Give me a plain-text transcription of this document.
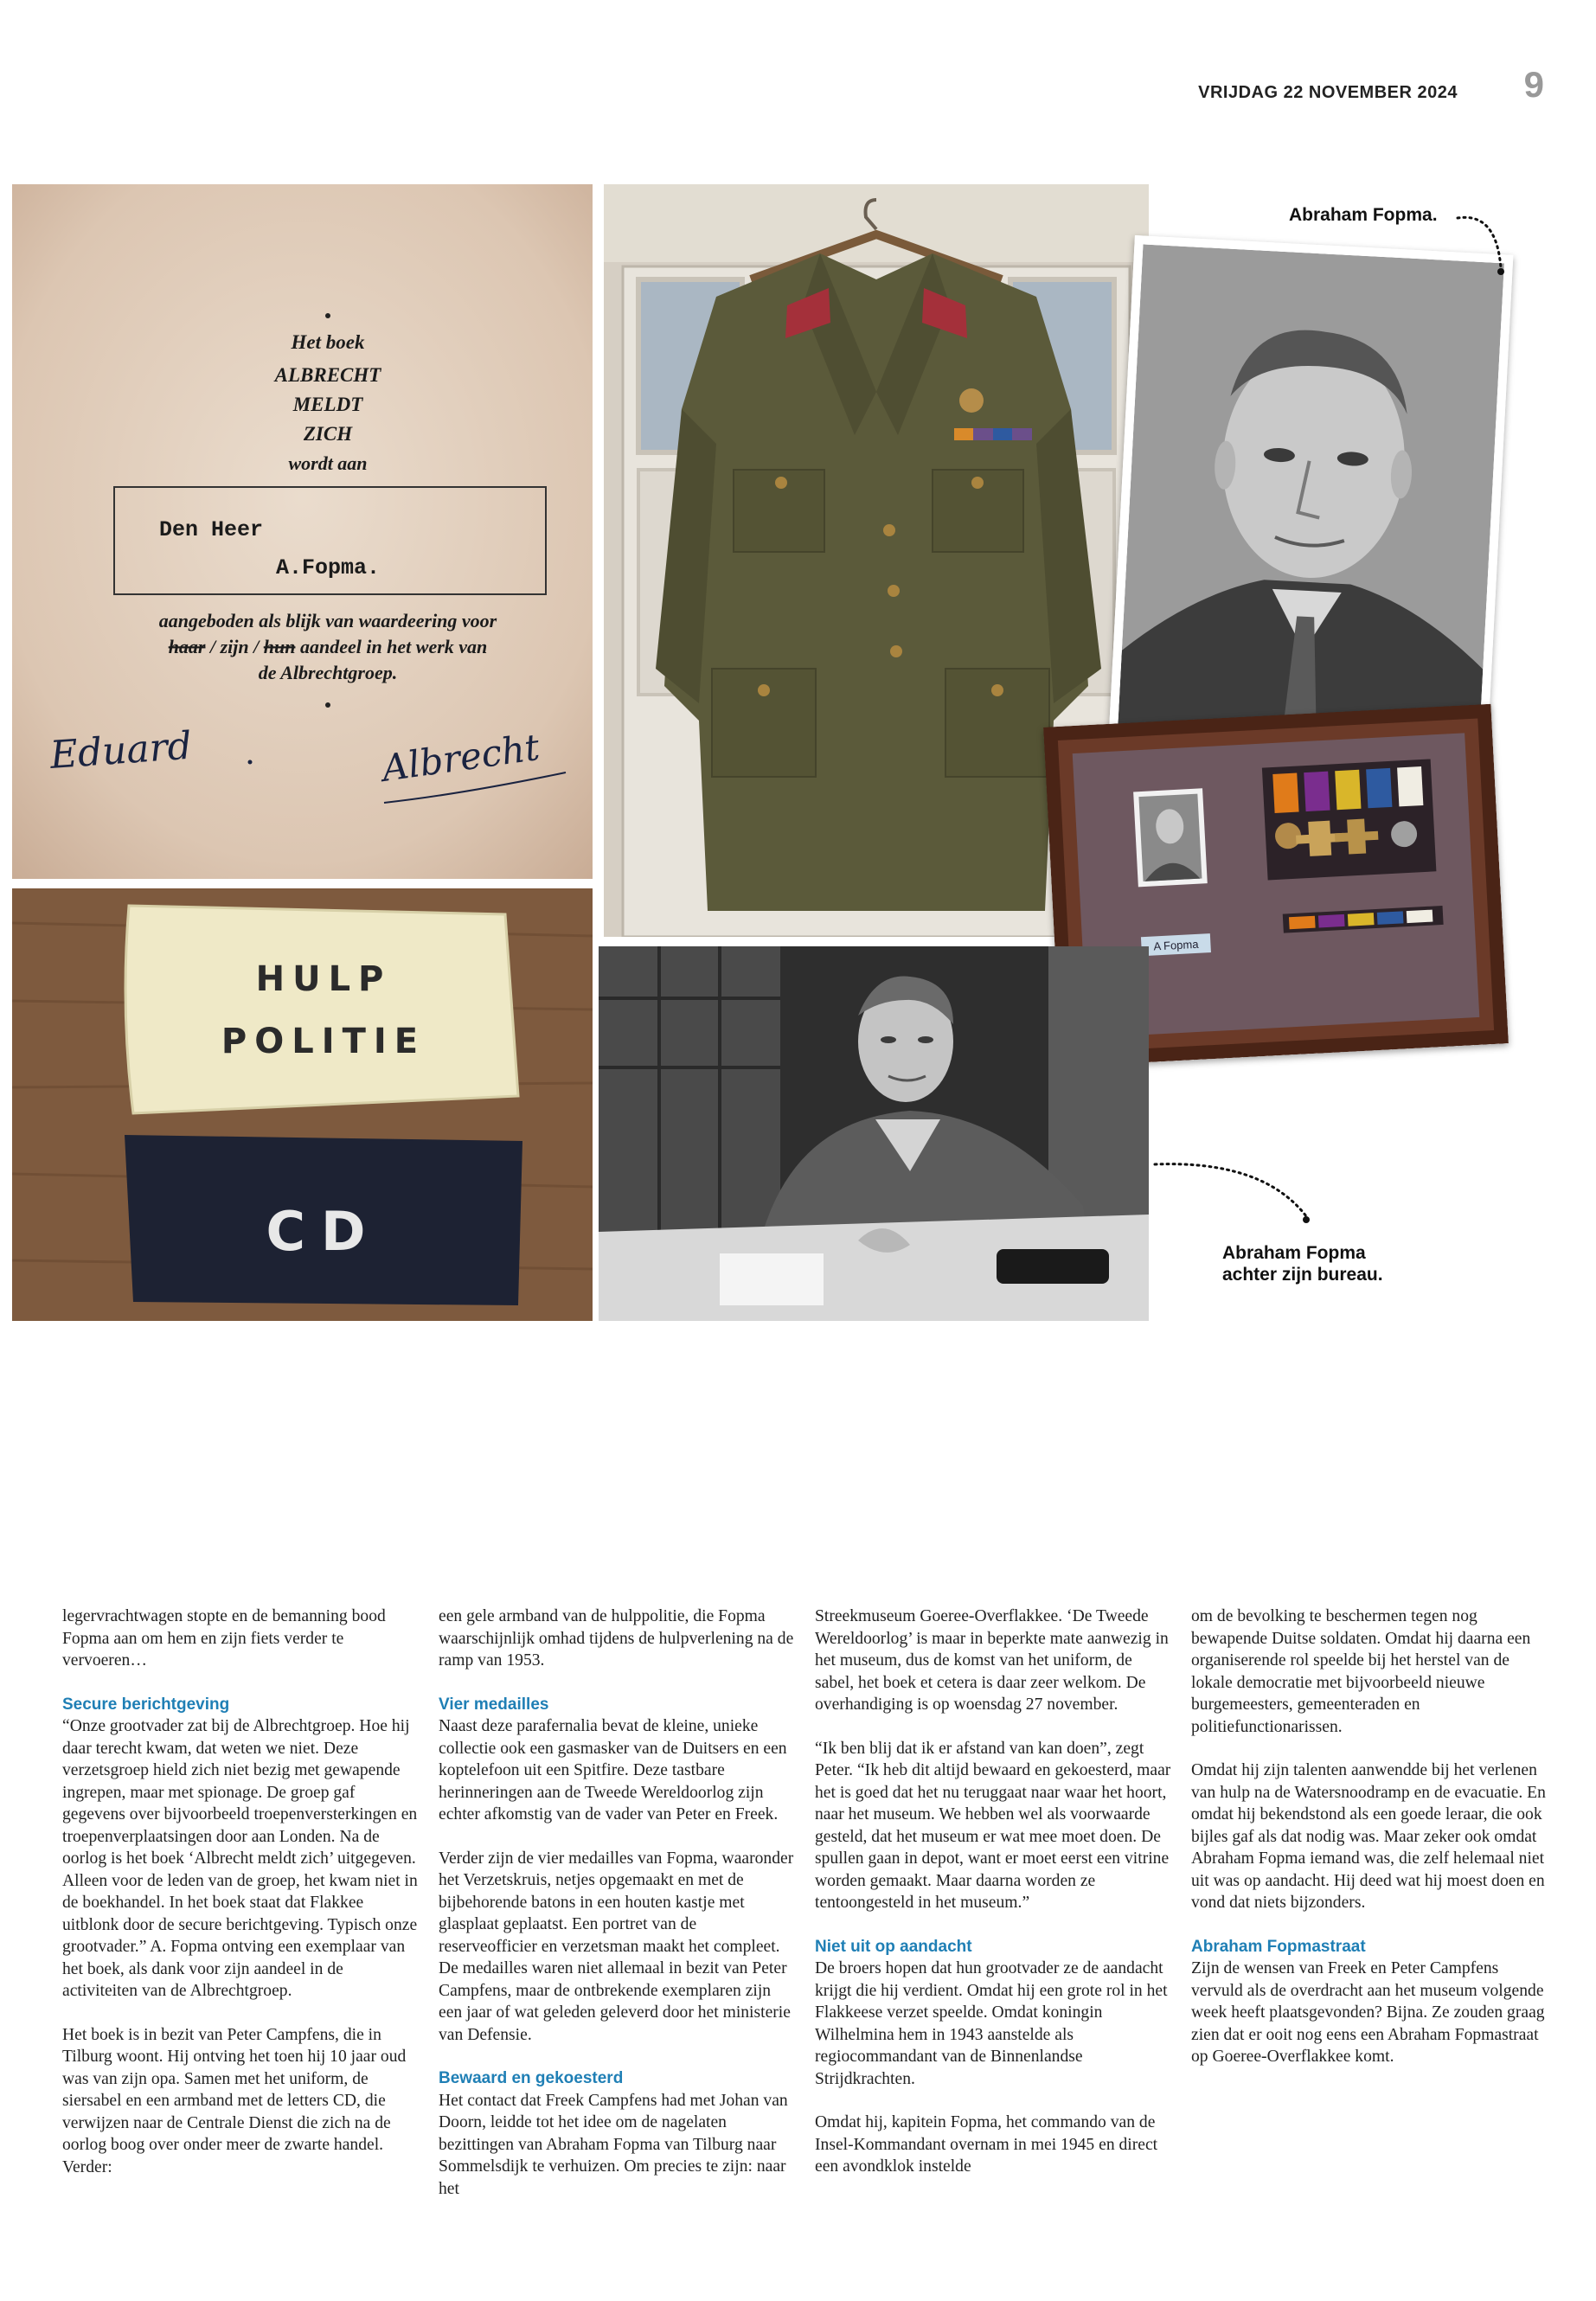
VRIJDAG 22 NOVEMBER 2024 9
Het boek
ALBRECHT
MELDT
ZICH
wordt aan
Den Heer
A.Fopma.
aangeboden als blijk van waardeering voor
haar / zijn / hun aandeel in het werk van
de Albrechtgroep.
Eduard	Albrecht
Abraham Fopma.
A Fopma
HULP
POLITIE
CD	Abraham Fopma
achter zijn bureau.

legervrachtwagen stopte en de bemanning bood Fopma aan om hem en zijn fiets verder te vervoeren…

Secure berichtgeving

“Onze grootvader zat bij de Albrechtgroep. Hoe hij daar terecht kwam, dat weten we niet. Deze verzetsgroep hield zich niet bezig met gewapende ingrepen, maar met spionage. De groep gaf gegevens over bijvoorbeeld troepenversterkingen en troepenverplaatsingen door aan Londen. Na de oorlog is het boek ‘Albrecht meldt zich’ uitgegeven. Alleen voor de leden van de groep, het kwam niet in de boekhandel. In het boek staat dat Flakkee uitblonk door de secure berichtgeving. Typisch onze grootvader.” A. Fopma ontving een exemplaar van het boek, als dank voor zijn aandeel in de activiteiten van de Albrechtgroep.

Het boek is in bezit van Peter Campfens, die in Tilburg woont. Hij ontving het toen hij 10 jaar oud was van zijn opa. Samen met het uniform, de siersabel en een armband met de letters CD, die verwijzen naar de Centrale Dienst die zich na de oorlog boog over onder meer de zwarte handel. Verder:

een gele armband van de hulppolitie, die Fopma waarschijnlijk omhad tijdens de hulpverlening na de ramp van 1953.

Vier medailles

Naast deze parafernalia bevat de kleine, unieke collectie ook een gasmasker van de Duitsers en een koptelefoon uit een Spitfire. Deze tastbare herinneringen aan de Tweede Wereldoorlog zijn echter afkomstig van de vader van Peter en Freek.

Verder zijn de vier medailles van Fopma, waaronder het Verzetskruis, netjes opgemaakt en met de bijbehorende batons in een houten kastje met glasplaat geplaatst. Een portret van de reserveofficier en verzetsman maakt het compleet. De medailles waren niet allemaal in bezit van Peter Campfens, maar de ontbrekende exemplaren zijn een jaar of wat geleden geleverd door het ministerie van Defensie.

Bewaard en gekoesterd

Het contact dat Freek Campfens had met Johan van Doorn, leidde tot het idee om de nagelaten bezittingen van Abraham Fopma van Tilburg naar Sommelsdijk te verhuizen. Om precies te zijn: naar het

Streekmuseum Goeree-Overflakkee. ‘De Tweede Wereldoorlog’ is maar in beperkte mate aanwezig in het museum, dus de komst van het uniform, de sabel, het boek et cetera is daar zeer welkom. De overhandiging is op woensdag 27 november.

“Ik ben blij dat ik er afstand van kan doen”, zegt Peter. “Ik heb dit altijd bewaard en gekoesterd, maar het is goed dat het nu teruggaat naar waar het hoort, naar het museum. We hebben wel als voorwaarde gesteld, dat het museum er wat mee moet doen. De spullen gaan in depot, want er moet eerst een vitrine worden gemaakt. Maar daarna worden ze tentoongesteld in het museum.”

Niet uit op aandacht

De broers hopen dat hun grootvader ze de aandacht krijgt die hij verdient. Omdat hij een grote rol in het Flakkeese verzet speelde. Omdat koningin Wilhelmina hem in 1943 aanstelde als regiocommandant van de Binnenlandse Strijdkrachten.

Omdat hij, kapitein Fopma, het commando van de Insel-Kommandant overnam in mei 1945 en direct een avondklok instelde

om de bevolking te beschermen tegen nog bewapende Duitse soldaten. Omdat hij daarna een organiserende rol speelde bij het herstel van de lokale democratie met bijvoorbeeld nieuwe burgemeesters, gemeenteraden en politiefunctionarissen.

Omdat hij zijn talenten aanwendde bij het verlenen van hulp na de Watersnoodramp en de evacuatie. En omdat hij bekendstond als een goede leraar, die ook bijles gaf als dat nodig was. Maar zeker ook omdat Abraham Fopma iemand was, die zelf helemaal niet uit was op aandacht. Hij deed wat hij moest doen en vond dat niets bijzonders.

Abraham Fopmastraat

Zijn de wensen van Freek en Peter Campfens vervuld als de overdracht aan het museum volgende week heeft plaatsgevonden? Bijna. Ze zouden graag zien dat er ooit nog eens een Abraham Fopmastraat op Goeree-Overflakkee komt.
